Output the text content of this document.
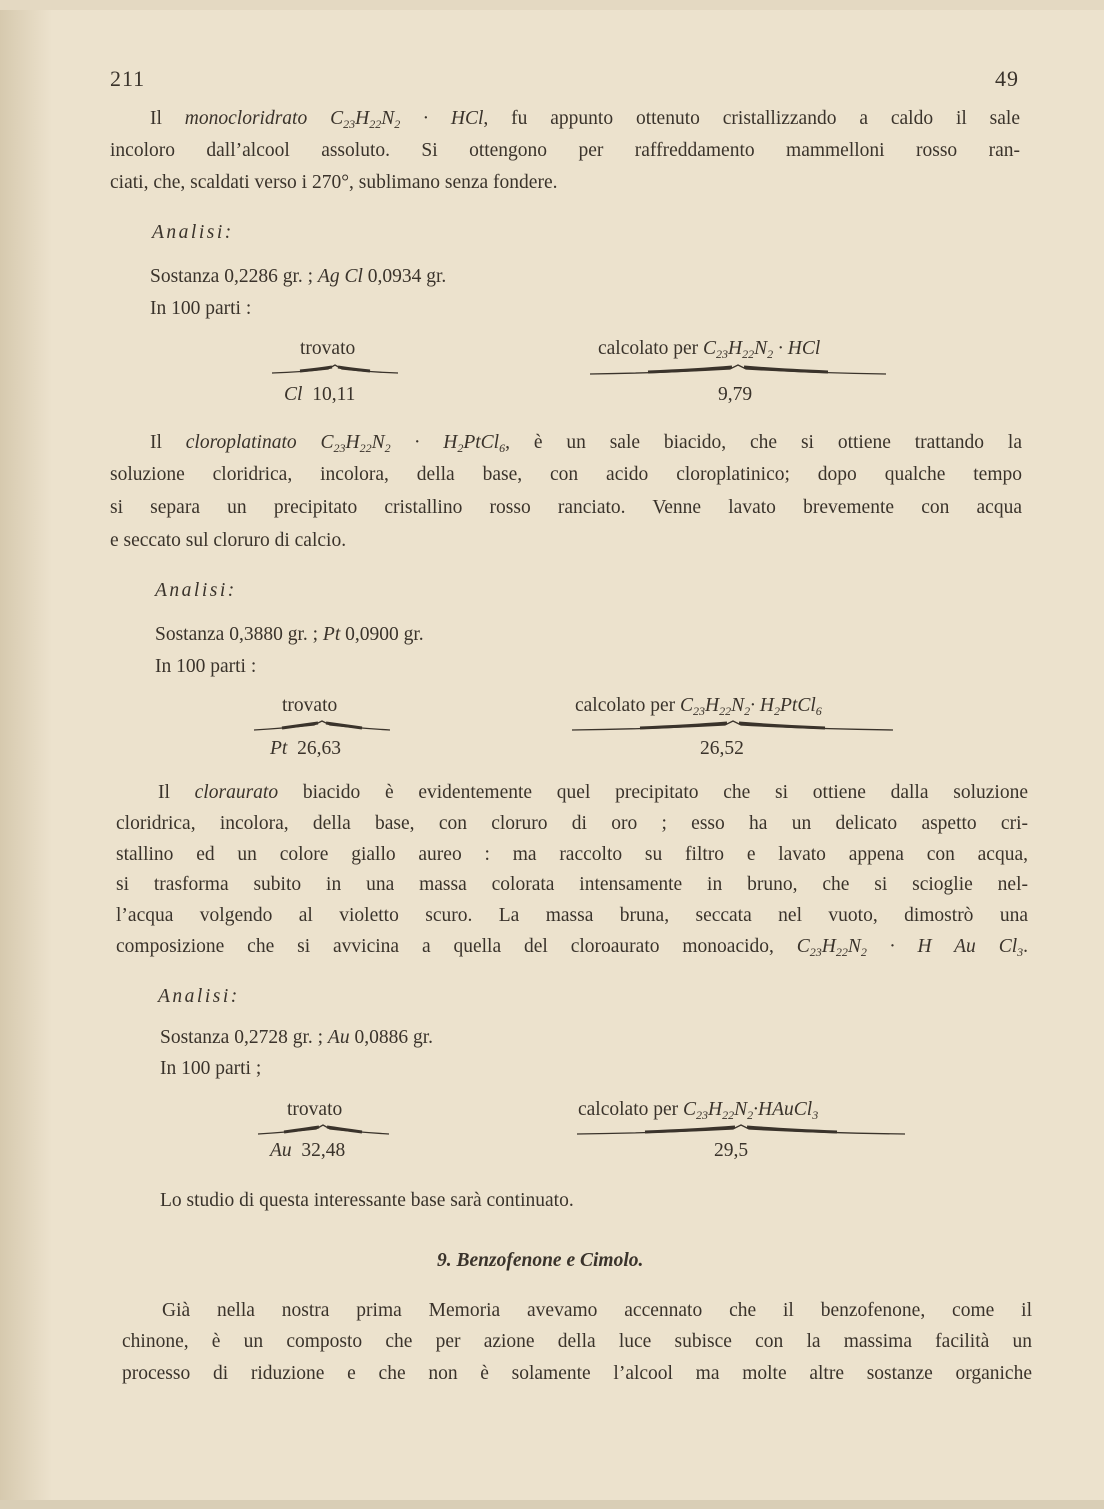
211	49
Il monocloridrato $C_{23}H_{22}N_2$ · HCl, fu appunto ottenuto cristallizzando a caldo il sale
incoloro dall’alcool assoluto. Si ottengono per raffreddamento mammelloni rosso ran-
ciati, che, scaldati verso i 270°, sublimano senza fondere.
Analisi:
Sostanza 0,2286 gr. ; Ag Cl 0,0934 gr.
In 100 parti :
trovato	calcolato per $C_{23}H_{22}N_2$ · HCl
Cl 10,11	9,79
Il cloroplatinato $C_{23}H_{22}N_2$ · $H_2PtCl_6$, è un sale biacido, che si ottiene trattando la
soluzione cloridrica, incolora, della base, con acido cloroplatinico; dopo qualche tempo
si separa un precipitato cristallino rosso ranciato. Venne lavato brevemente con acqua
e seccato sul cloruro di calcio.
Analisi:
Sostanza 0,3880 gr. ; Pt 0,0900 gr.
In 100 parti :
trovato	calcolato per $C_{23}H_{22}N_2\cdot$ $H_2PtCl_6$
Pt 26,63	26,52
Il cloraurato biacido è evidentemente quel precipitato che si ottiene dalla soluzione
cloridrica, incolora, della base, con cloruro di oro ; esso ha un delicato aspetto cri-
stallino ed un colore giallo aureo : ma raccolto su filtro e lavato appena con acqua,
si trasforma subito in una massa colorata intensamente in bruno, che si scioglie nel-
l’acqua volgendo al violetto scuro. La massa bruna, seccata nel vuoto, dimostrò una
composizione che si avvicina a quella del cloroaurato monoacido, $C_{23}H_{22}N_2 \cdot H$ Au $Cl_3$.
Analisi:
Sostanza 0,2728 gr. ; Au 0,0886 gr.
In 100 parti ;
trovato	calcolato per $C_{23}H_{22}N_2\cdot HAuCl_3$
Au 32,48	29,5
Lo studio di questa interessante base sarà continuato.
9. Benzofenone e Cimolo.
Già nella nostra prima Memoria avevamo accennato che il benzofenone, come il
chinone, è un composto che per azione della luce subisce con la massima facilità un
processo di riduzione e che non è solamente l’alcool ma molte altre sostanze organiche
